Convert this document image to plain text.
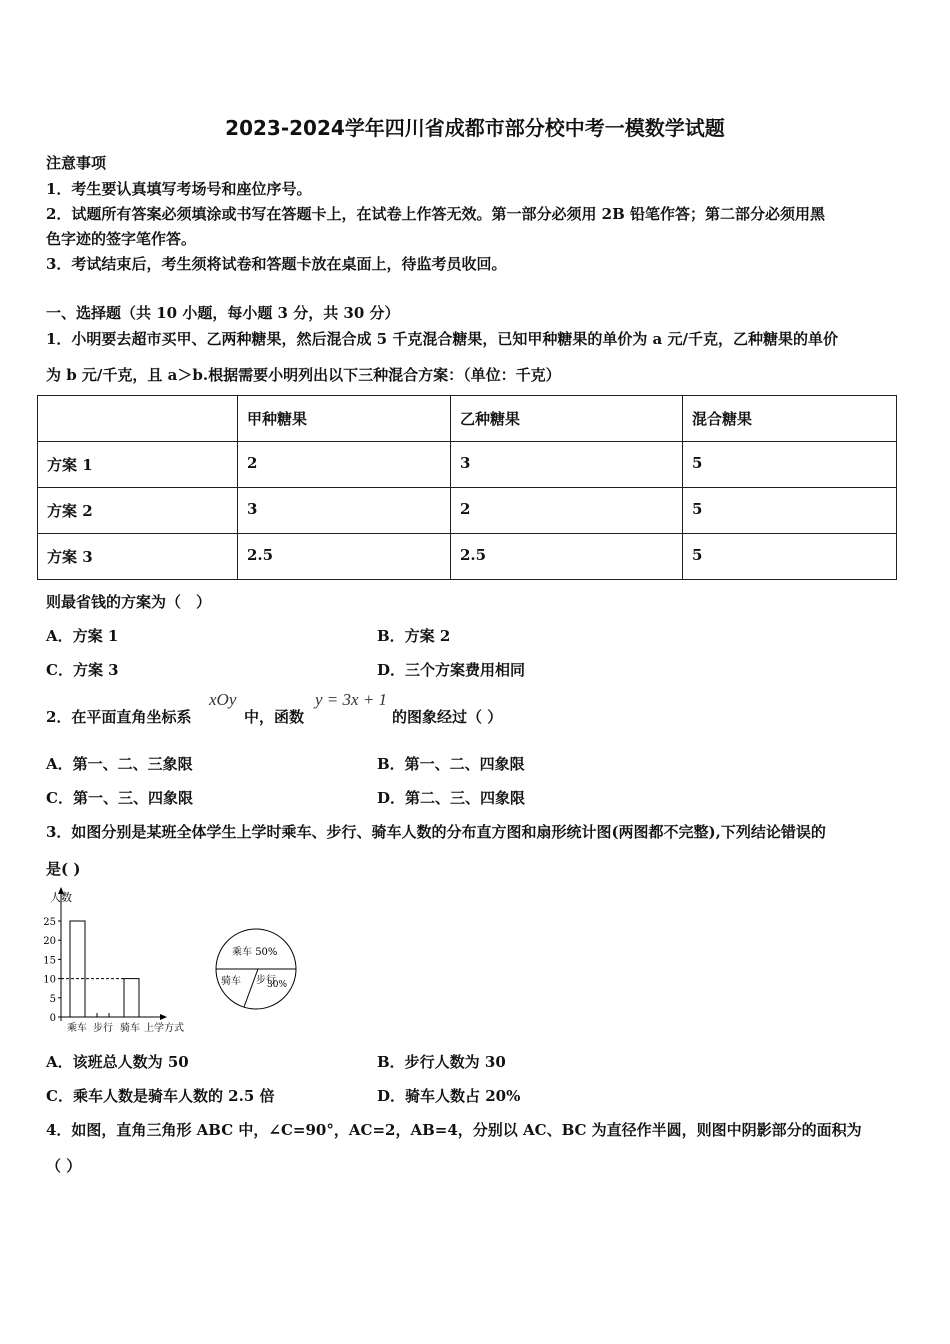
2023-2024学年四川省成都市部分校中考一模数学试题
注意事项
1．考生要认真填写考场号和座位序号。
2．试题所有答案必须填涂或书写在答题卡上，在试卷上作答无效。第一部分必须用 2B 铅笔作答；第二部分必须用黑
色字迹的签字笔作答。
3．考试结束后，考生须将试卷和答题卡放在桌面上，待监考员收回。
一、选择题（共 10 小题，每小题 3 分，共 30 分）
1．小明要去超市买甲、乙两种糖果，然后混合成 5 千克混合糖果，已知甲种糖果的单价为 a 元/千克，乙种糖果的单价
为 b 元/千克，且 a＞b.根据需要小明列出以下三种混合方案：（单位：千克）
	甲种糖果	乙种糖果	混合糖果
方案 1	2	3	5
方案 2	3	2	5
方案 3	2.5	2.5	5
则最省钱的方案为（　）
A．方案 1	B．方案 2
C．方案 3	D．三个方案费用相同
2．在平面直角坐标系
xOy
中，函数
y = 3x + 1
的图象经过（ ）
A．第一、二、三象限	B．第一、二、四象限
C．第一、三、四象限	D．第二、三、四象限
3．如图分别是某班全体学生上学时乘车、步行、骑车人数的分布直方图和扇形统计图(两图都不完整),下列结论错误的
是( )
人数
0
5
10
15
20
25
乘车 步行 骑车 上学方式
乘车 50%
骑车 步行
30%
A．该班总人数为 50	B．步行人数为 30
C．乘车人数是骑车人数的 2.5 倍	D．骑车人数占 20%
4．如图，直角三角形 ABC 中，∠C=90°，AC=2，AB=4，分别以 AC、BC 为直径作半圆，则图中阴影部分的面积为
（ ）
